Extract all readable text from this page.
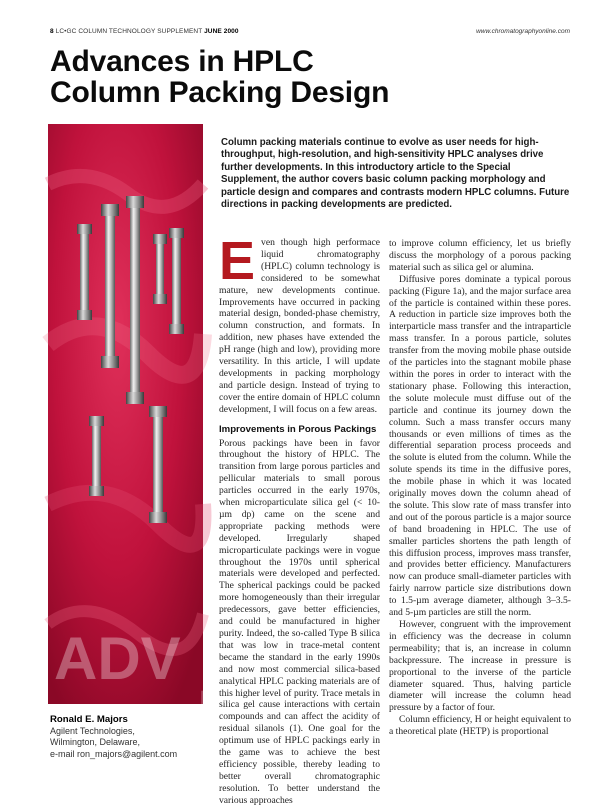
8 LC•GC COLUMN TECHNOLOGY SUPPLEMENT JUNE 2000	www.chromatographyonline.com
Advances in HPLC
Column Packing Design
ADV
M

Column packing materials continue to evolve as user needs for high-throughput, high-resolution, and high-sensitivity HPLC analyses drive further developments. In this introductory article to the Special Supplement, the author covers basic column packing morphology and particle design and compares and contrasts modern HPLC columns. Future directions in packing developments are predicted.

Even though high performace liquid chromatography (HPLC) column technology is considered to be somewhat mature, new developments continue. Improvements have occurred in packing material design, bonded-phase chemistry, column construction, and formats. In addition, new phases have extended the pH range (high and low), providing more versatility. In this article, I will update developments in packing morphology and particle design. Instead of trying to cover the entire domain of HPLC column development, I will focus on a few areas.

Improvements in Porous Packings

Porous packings have been in favor throughout the history of HPLC. The transition from large porous particles and pellicular materials to small porous particles occurred in the early 1970s, when microparticulate silica gel (< 10-µm dp) came on the scene and appropriate packing methods were developed. Irregularly shaped microparticulate packings were in vogue throughout the 1970s until spherical materials were developed and perfected. The spherical packings could be packed more homogeneously than their irregular predecessors, gave better efficiencies, and could be manufactured in higher purity. Indeed, the so-called Type B silica that was low in trace-metal content became the standard in the early 1990s and now most commercial silica-based analytical HPLC packing materials are of this higher level of purity. Trace metals in silica gel cause interactions with certain compounds and can affect the acidity of residual silanols (1). One goal for the optimum use of HPLC packings early in the game was to achieve the best efficiency possible, thereby leading to better overall chromatographic resolution. To better understand the various approaches

to improve column efficiency, let us briefly discuss the morphology of a porous packing material such as silica gel or alumina.

Diffusive pores dominate a typical porous packing (Figure 1a), and the major surface area of the particle is contained within these pores. A reduction in particle size improves both the interparticle mass transfer and the intraparticle mass transfer. In a porous particle, solutes transfer from the moving mobile phase outside of the particles into the stagnant mobile phase within the pores in order to interact with the stationary phase. Following this interaction, the solute molecule must diffuse out of the particle and continue its journey down the column. Such a mass transfer occurs many thousands or even millions of times as the differential separation process proceeds and the solute is eluted from the column. While the solute spends its time in the diffusive pores, the mobile phase in which it was located originally moves down the column ahead of the solute. This slow rate of mass transfer into and out of the porous particle is a major source of band broadening in HPLC. The use of smaller particles shortens the path length of this diffusion process, improves mass transfer, and provides better efficiency. Manufacturers now can produce small-diameter particles with fairly narrow particle size distributions down to 1.5-µm average diameter, although 3–3.5- and 5-µm particles are still the norm.

However, congruent with the improvement in efficiency was the decrease in column permeability; that is, an increase in column backpressure. The increase in pressure is proportional to the inverse of the particle diameter squared. Thus, halving particle diameter will increase the column head pressure by a factor of four.

Column efficiency, H or height equivalent to a theoretical plate (HETP) is proportional

Ronald E. Majors
Agilent Technologies,
Wilmington, Delaware,
e-mail ron_majors@agilent.com
